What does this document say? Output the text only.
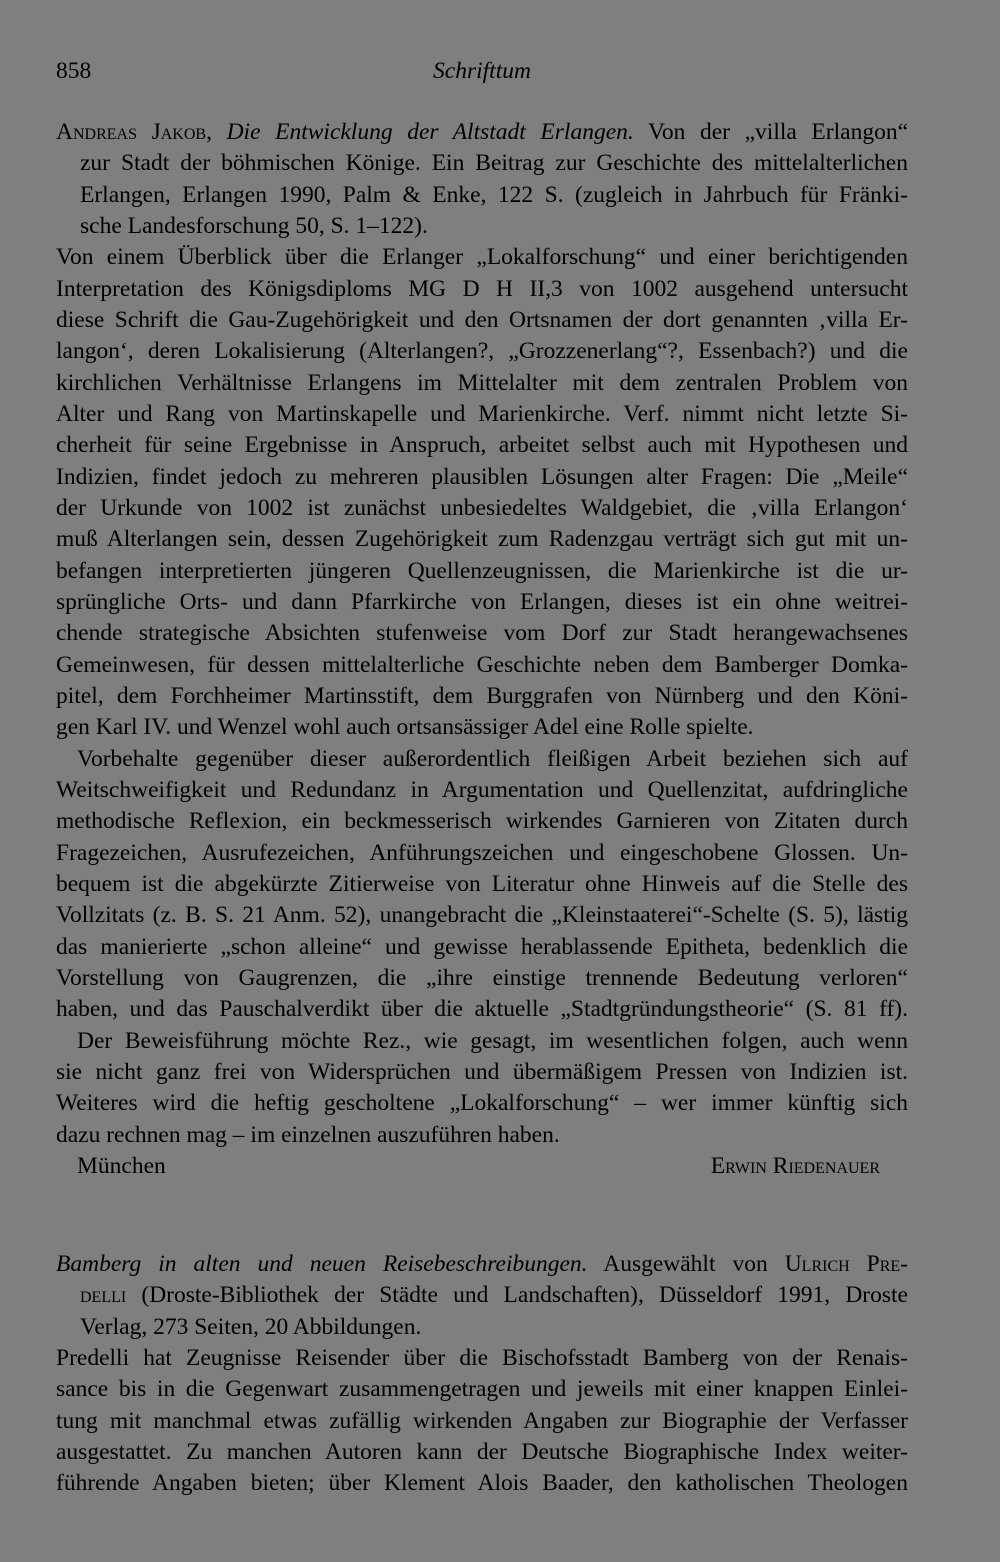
858	Schrifttum
Andreas Jakob, Die Entwicklung der Altstadt Erlangen. Von der „villa Erlangon“
zur Stadt der böhmischen Könige. Ein Beitrag zur Geschichte des mittelalterlichen
Erlangen, Erlangen 1990, Palm & Enke, 122 S. (zugleich in Jahrbuch für Fränki-
sche Landesforschung 50, S. 1–122).
Von einem Überblick über die Erlanger „Lokalforschung“ und einer berichtigenden
Interpretation des Königsdiploms MG D H II,3 von 1002 ausgehend untersucht
diese Schrift die Gau-Zugehörigkeit und den Ortsnamen der dort genannten ‚villa Er-
langon‘, deren Lokalisierung (Alterlangen?, „Grozzenerlang“?, Essenbach?) und die
kirchlichen Verhältnisse Erlangens im Mittelalter mit dem zentralen Problem von
Alter und Rang von Martinskapelle und Marienkirche. Verf. nimmt nicht letzte Si-
cherheit für seine Ergebnisse in Anspruch, arbeitet selbst auch mit Hypothesen und
Indizien, findet jedoch zu mehreren plausiblen Lösungen alter Fragen: Die „Meile“
der Urkunde von 1002 ist zunächst unbesiedeltes Waldgebiet, die ‚villa Erlangon‘
muß Alterlangen sein, dessen Zugehörigkeit zum Radenzgau verträgt sich gut mit un-
befangen interpretierten jüngeren Quellenzeugnissen, die Marienkirche ist die ur-
sprüngliche Orts- und dann Pfarrkirche von Erlangen, dieses ist ein ohne weitrei-
chende strategische Absichten stufenweise vom Dorf zur Stadt herangewachsenes
Gemeinwesen, für dessen mittelalterliche Geschichte neben dem Bamberger Domka-
pitel, dem Forchheimer Martinsstift, dem Burggrafen von Nürnberg und den Köni-
gen Karl IV. und Wenzel wohl auch ortsansässiger Adel eine Rolle spielte.
Vorbehalte gegenüber dieser außerordentlich fleißigen Arbeit beziehen sich auf
Weitschweifigkeit und Redundanz in Argumentation und Quellenzitat, aufdringliche
methodische Reflexion, ein beckmesserisch wirkendes Garnieren von Zitaten durch
Fragezeichen, Ausrufezeichen, Anführungszeichen und eingeschobene Glossen. Un-
bequem ist die abgekürzte Zitierweise von Literatur ohne Hinweis auf die Stelle des
Vollzitats (z. B. S. 21 Anm. 52), unangebracht die „Kleinstaaterei“-Schelte (S. 5), lästig
das manierierte „schon alleine“ und gewisse herablassende Epitheta, bedenklich die
Vorstellung von Gaugrenzen, die „ihre einstige trennende Bedeutung verloren“
haben, und das Pauschalverdikt über die aktuelle „Stadtgründungstheorie“ (S. 81 ff).
Der Beweisführung möchte Rez., wie gesagt, im wesentlichen folgen, auch wenn
sie nicht ganz frei von Widersprüchen und übermäßigem Pressen von Indizien ist.
Weiteres wird die heftig gescholtene „Lokalforschung“ – wer immer künftig sich
dazu rechnen mag – im einzelnen auszuführen haben.
München	Erwin Riedenauer
Bamberg in alten und neuen Reisebeschreibungen. Ausgewählt von Ulrich Pre-
delli (Droste-Bibliothek der Städte und Landschaften), Düsseldorf 1991, Droste
Verlag, 273 Seiten, 20 Abbildungen.
Predelli hat Zeugnisse Reisender über die Bischofsstadt Bamberg von der Renais-
sance bis in die Gegenwart zusammengetragen und jeweils mit einer knappen Einlei-
tung mit manchmal etwas zufällig wirkenden Angaben zur Biographie der Verfasser
ausgestattet. Zu manchen Autoren kann der Deutsche Biographische Index weiter-
führende Angaben bieten; über Klement Alois Baader, den katholischen Theologen
